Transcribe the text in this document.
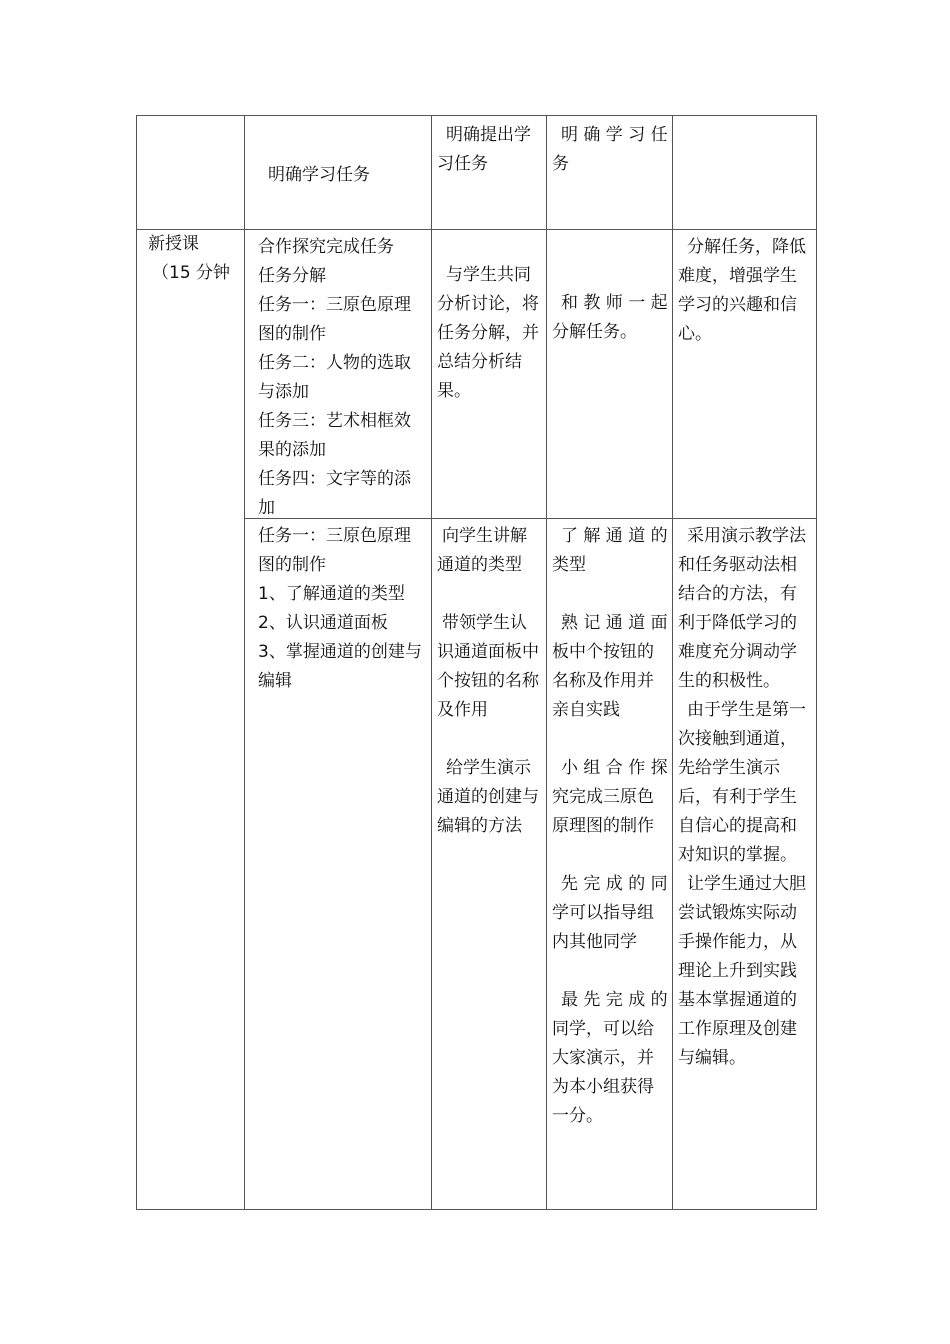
明确学习任务

明确提出学习任务

明 确 学 习 任务

新授课

（15 分钟

合作探究完成任务

任务分解

任务一：三原色原理图的制作

任务二：人物的选取与添加

任务三：艺术相框效果的添加

任务四：文字等的添加

与学生共同分析讨论，将任务分解，并总结分析结果。

和 教 师 一 起分解任务。

分解任务，降低难度，增强学生学习的兴趣和信心。

任务一：三原色原理图的制作

1、了解通道的类型

2、认识通道面板

3、掌握通道的创建与编辑

向学生讲解通道的类型

带领学生认识通道面板中个按钮的名称及作用

给学生演示通道的创建与编辑的方法

了 解 通 道 的类型

熟 记 通 道 面板中个按钮的名称及作用并亲自实践

小 组 合 作 探究完成三原色原理图的制作

先 完 成 的 同学可以指导组内其他同学

最 先 完 成 的同学，可以给大家演示，并为本小组获得一分。

采用演示教学法和任务驱动法相结合的方法，有利于降低学习的难度充分调动学生的积极性。

由于学生是第一次接触到通道，先给学生演示后，有利于学生自信心的提高和对知识的掌握。

让学生通过大胆尝试锻炼实际动手操作能力，从理论上升到实践基本掌握通道的工作原理及创建与编辑。
